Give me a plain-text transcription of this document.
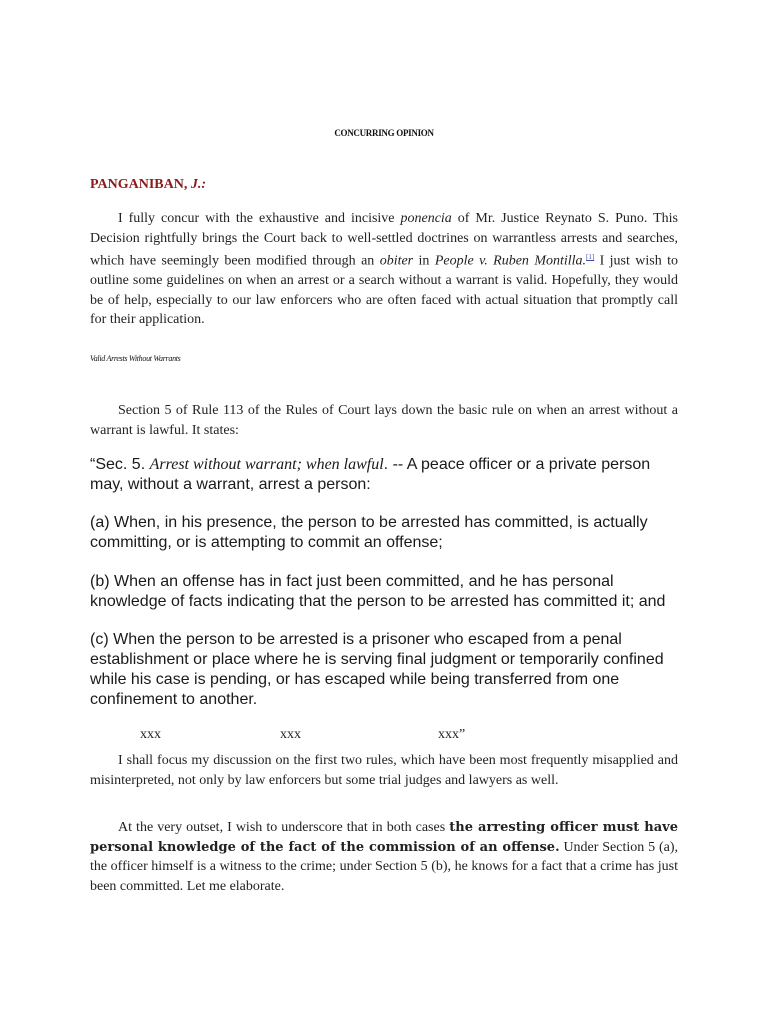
CONCURRING OPINION
PANGANIBAN, J.:
I fully concur with the exhaustive and incisive ponencia of Mr. Justice Reynato S. Puno. This Decision rightfully brings the Court back to well-settled doctrines on warrantless arrests and searches, which have seemingly been modified through an obiter in People v. Ruben Montilla.[1] I just wish to outline some guidelines on when an arrest or a search without a warrant is valid. Hopefully, they would be of help, especially to our law enforcers who are often faced with actual situation that promptly call for their application.
Valid Arrests Without Warrants
Section 5 of Rule 113 of the Rules of Court lays down the basic rule on when an arrest without a warrant is lawful. It states:
“Sec. 5. Arrest without warrant; when lawful. -- A peace officer or a private person may, without a warrant, arrest a person:
(a) When, in his presence, the person to be arrested has committed, is actually committing, or is attempting to commit an offense;
(b) When an offense has in fact just been committed, and he has personal knowledge of facts indicating that the person to be arrested has committed it; and
(c) When the person to be arrested is a prisoner who escaped from a penal establishment or place where he is serving final judgment or temporarily confined while his case is pending, or has escaped while being transferred from one confinement to another.
xxx	xxx	xxx”
I shall focus my discussion on the first two rules, which have been most frequently misapplied and misinterpreted, not only by law enforcers but some trial judges and lawyers as well.
At the very outset, I wish to underscore that in both cases the arresting officer must have personal knowledge of the fact of the commission of an offense. Under Section 5 (a), the officer himself is a witness to the crime; under Section 5 (b), he knows for a fact that a crime has just been committed. Let me elaborate.
